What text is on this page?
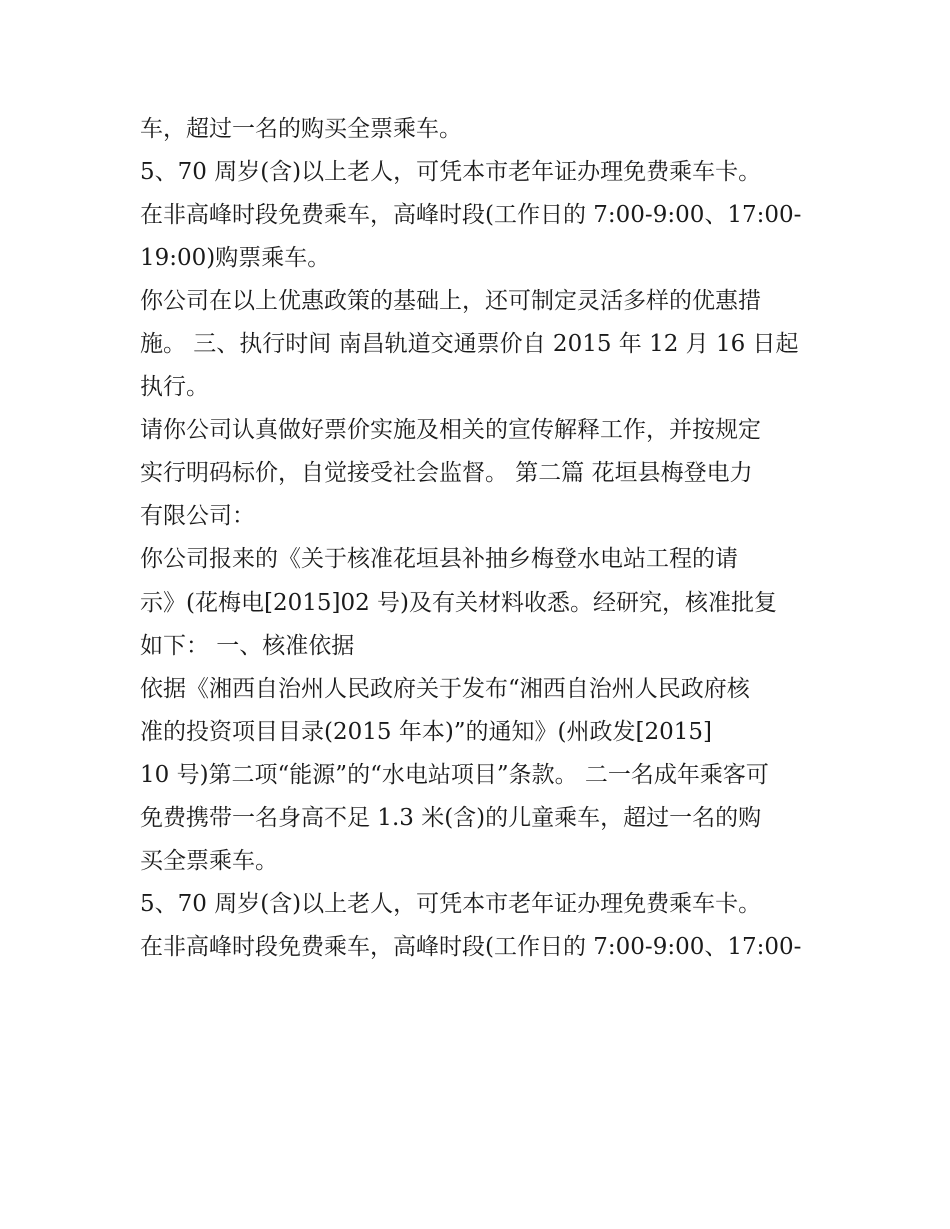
车，超过一名的购买全票乘车。
5、70 周岁(含)以上老人，可凭本市老年证办理免费乘车卡。
在非高峰时段免费乘车，高峰时段(工作日的 7:00-9:00、17:00-
19:00)购票乘车。
你公司在以上优惠政策的基础上，还可制定灵活多样的优惠措
施。 三、执行时间 南昌轨道交通票价自 2015 年 12 月 16 日起
执行。
请你公司认真做好票价实施及相关的宣传解释工作，并按规定
实行明码标价，自觉接受社会监督。 第二篇 花垣县梅登电力
有限公司：
你公司报来的《关于核准花垣县补抽乡梅登水电站工程的请
示》(花梅电[2015]02 号)及有关材料收悉。经研究，核准批复
如下： 一、核准依据
依据《湘西自治州人民政府关于发布“湘西自治州人民政府核
准的投资项目目录(2015 年本)”的通知》(州政发[2015]
10 号)第二项“能源”的“水电站项目”条款。 二一名成年乘客可
免费携带一名身高不足 1.3 米(含)的儿童乘车，超过一名的购
买全票乘车。
5、70 周岁(含)以上老人，可凭本市老年证办理免费乘车卡。
在非高峰时段免费乘车，高峰时段(工作日的 7:00-9:00、17:00-
